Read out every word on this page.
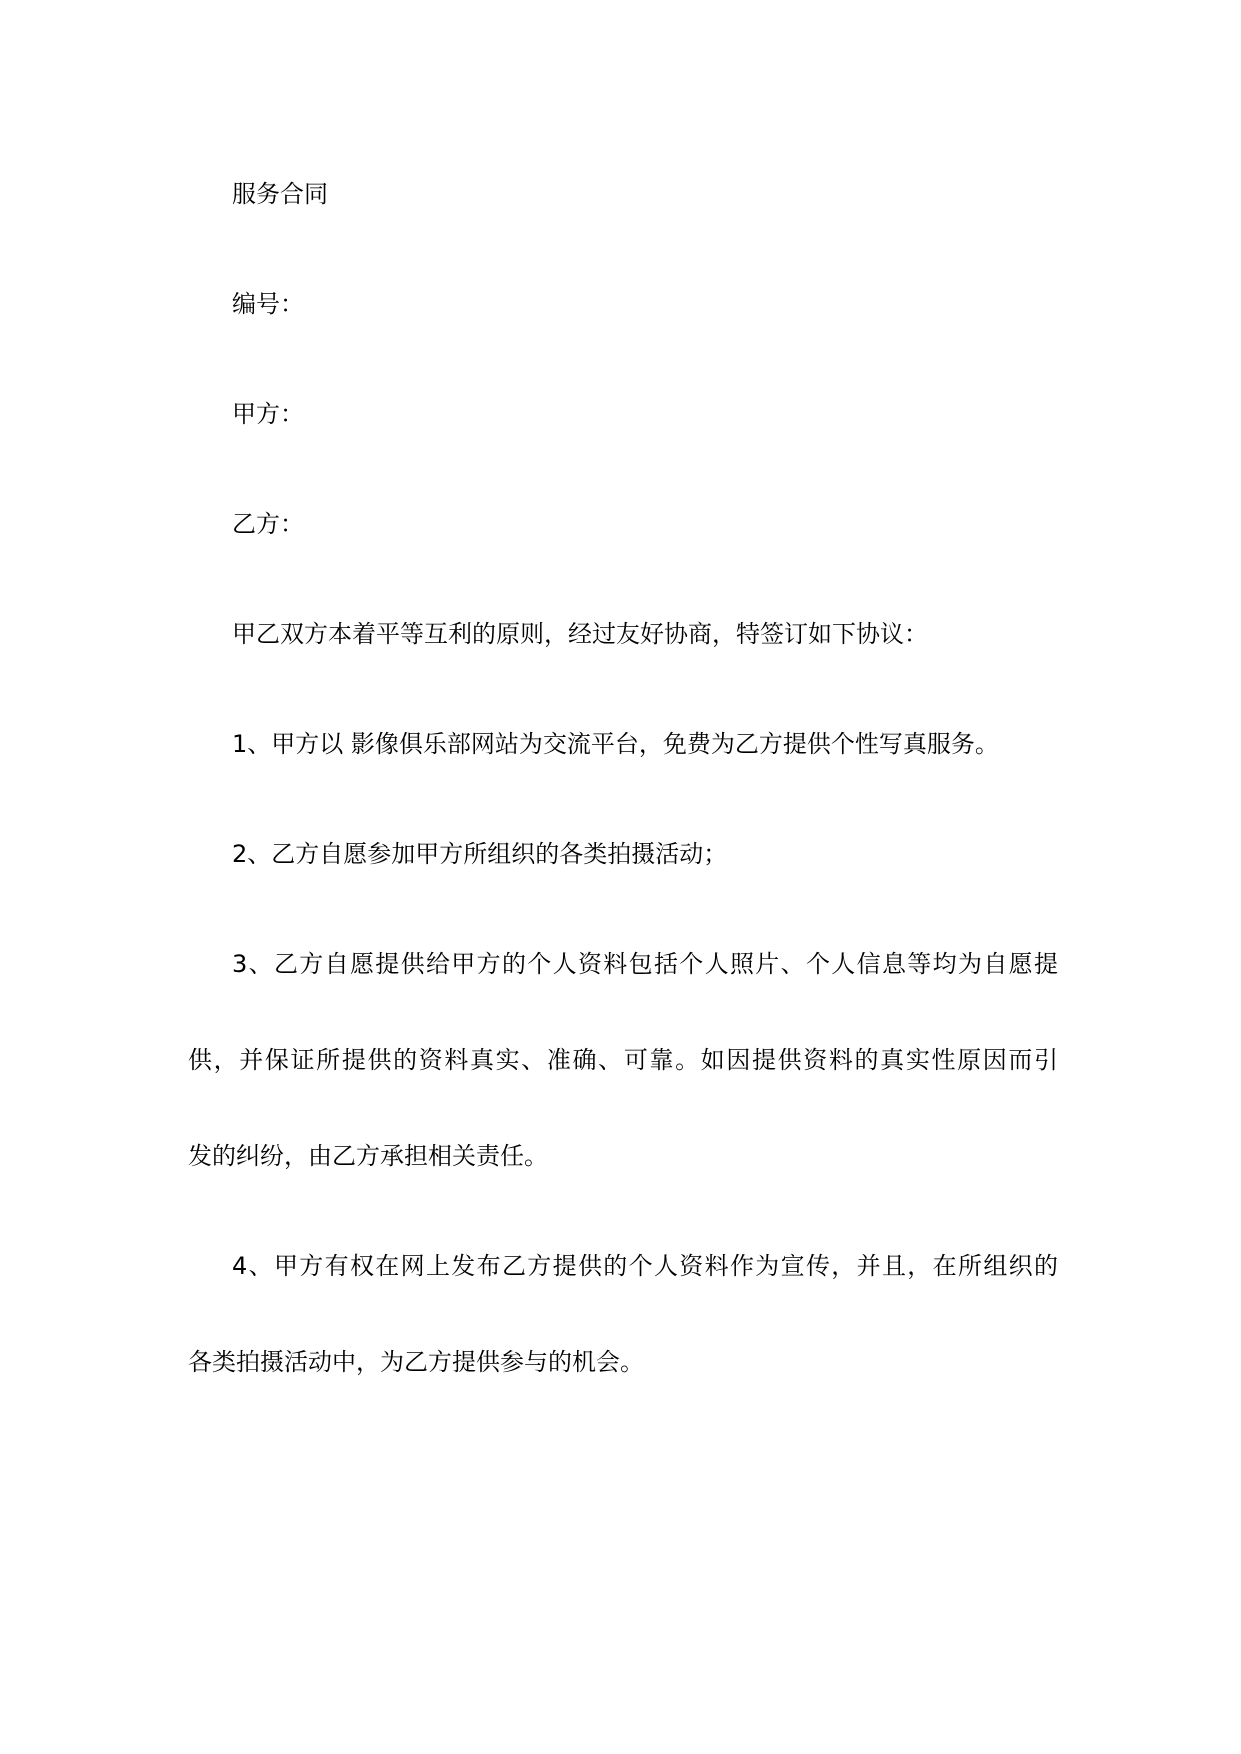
服务合同
编号：
甲方：
乙方：
甲乙双方本着平等互利的原则，经过友好协商，特签订如下协议：
1、甲方以 影像俱乐部网站为交流平台，免费为乙方提供个性写真服务。
2、乙方自愿参加甲方所组织的各类拍摄活动；
3、乙方自愿提供给甲方的个人资料包括个人照片、个人信息等均为自愿提
供，并保证所提供的资料真实、准确、可靠。如因提供资料的真实性原因而引
发的纠纷，由乙方承担相关责任。
4、甲方有权在网上发布乙方提供的个人资料作为宣传，并且，在所组织的
各类拍摄活动中，为乙方提供参与的机会。
